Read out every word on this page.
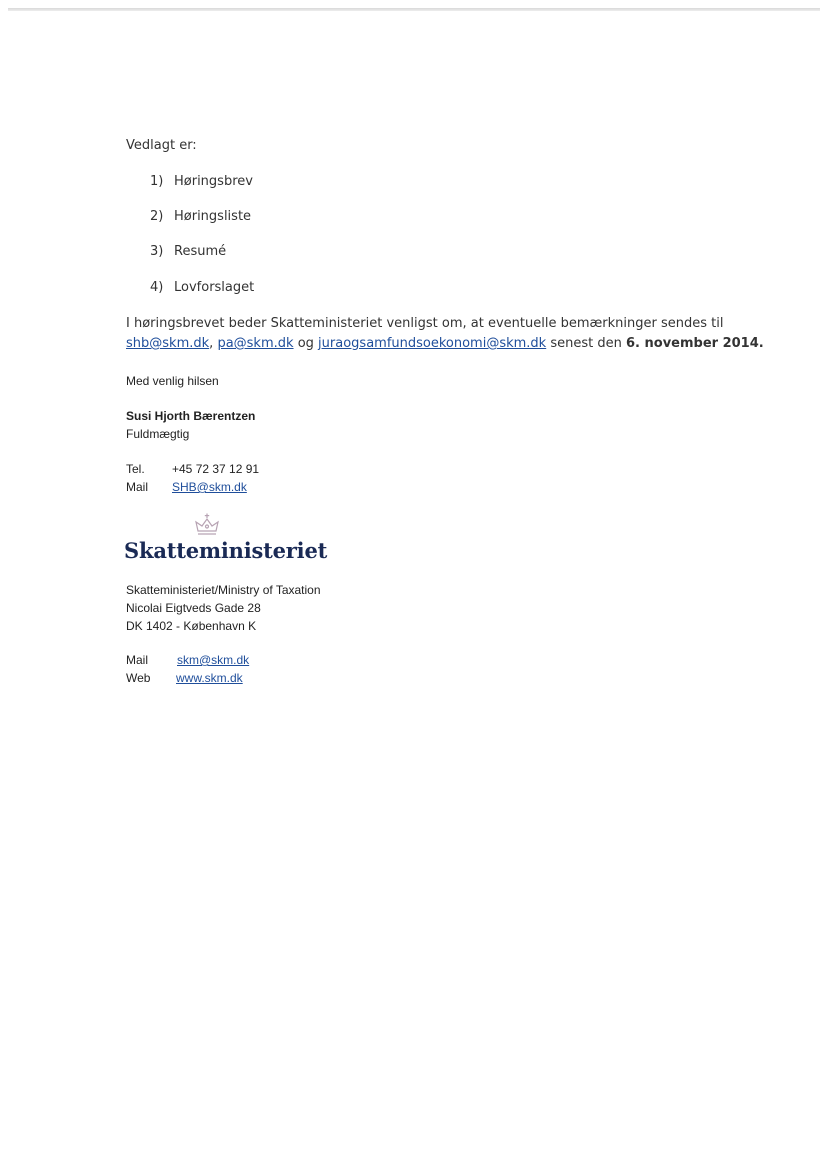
Vedlagt er:
1) Høringsbrev
2) Høringsliste
3) Resumé
4) Lovforslaget
I høringsbrevet beder Skatteministeriet venligst om, at eventuelle bemærkninger sendes til
shb@skm.dk, pa@skm.dk og juraogsamfundsoekonomi@skm.dk senest den 6. november 2014.
Med venlig hilsen
Susi Hjorth Bærentzen
Fuldmægtig
Tel. +45 72 37 12 91
Mail SHB@skm.dk
Skatteministeriet
Skatteministeriet/Ministry of Taxation
Nicolai Eigtveds Gade 28
DK 1402 - København K
Mail skm@skm.dk
Web www.skm.dk
